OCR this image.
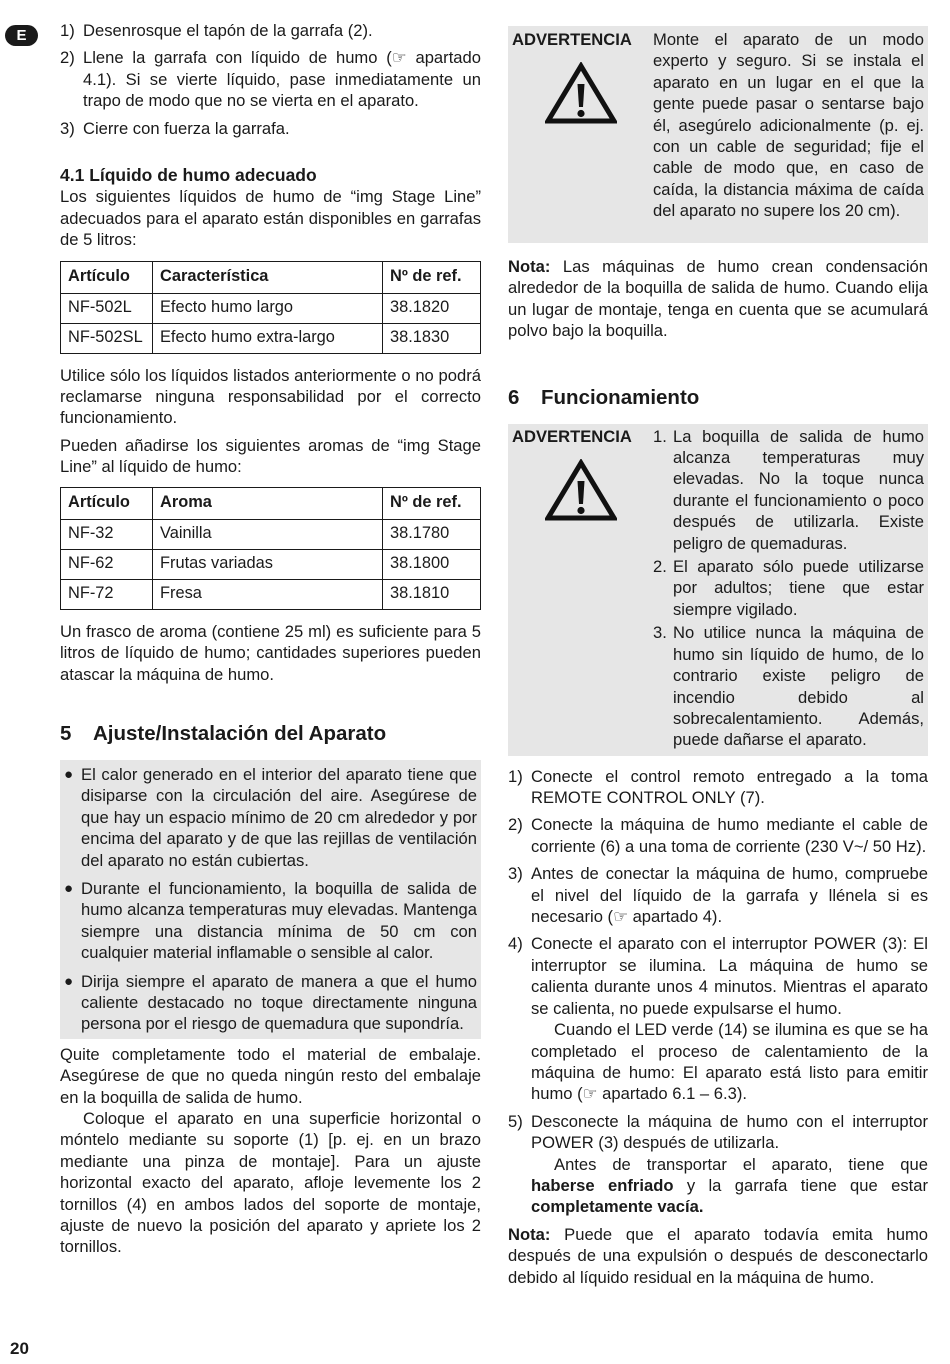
E	1) Desenrosque el tapón de la garrafa (2).
2) Llene la garrafa con líquido de humo (☞ apartado 4.1). Si se vierte líquido, pase inmediatamente un trapo de modo que no se vierta en el aparato.
3) Cierre con fuerza la garrafa.
4.1 Líquido de humo adecuado

Los siguientes líquidos de humo de “img Stage Line” adecuados para el aparato están disponibles en garrafas de 5 litros:

Artículo	Característica	Nº de ref.
NF-502L	Efecto humo largo	38.1820
NF-502SL	Efecto humo extra-largo	38.1830

Utilice sólo los líquidos listados anteriormente o no podrá reclamarse ninguna responsabilidad por el correcto funcionamiento.

Pueden añadirse los siguientes aromas de “img Stage Line” al líquido de humo:

Artículo	Aroma	Nº de ref.
NF-32	Vainilla	38.1780
NF-62	Frutas variadas	38.1800
NF-72	Fresa	38.1810

Un frasco de aroma (contiene 25 ml) es suficiente para 5 litros de líquido de humo; cantidades superiores pueden atascar la máquina de humo.

5	Ajuste/Instalación del Aparato
● El calor generado en el interior del aparato tiene que disiparse con la circulación del aire. Asegúrese de que hay un espacio mínimo de 20 cm alrededor y por encima del aparato y de que las rejillas de ventilación del aparato no están cubiertas.
● Durante el funcionamiento, la boquilla de salida de humo alcanza temperaturas muy elevadas. Mantenga siempre una distancia mínima de 50 cm con cualquier material inflamable o sensible al calor.
● Dirija siempre el aparato de manera a que el humo caliente destacado no toque directamente ninguna persona por el riesgo de quemadura que supondría.

Quite completamente todo el material de embalaje. Asegúrese de que no queda ningún resto del embalaje en la boquilla de salida de humo.

Coloque el aparato en una superficie horizontal o móntelo mediante su soporte (1) [p. ej. en un brazo mediante una pinza de montaje]. Para un ajuste horizontal exacto del aparato, afloje levemente los 2 tornillos (4) en ambos lados del soporte de montaje, ajuste de nuevo la posición del aparato y apriete los 2 tornillos.

ADVERTENCIA	Monte el aparato de un modo experto y seguro. Si se instala el aparato en un lugar en el que la gente puede pasar o sentarse bajo él, asegúrelo adicionalmente (p. ej. con un cable de seguridad; fije el cable de modo que, en caso de caída, la distancia máxima de caída del aparato no supere los 20 cm).

Nota: Las máquinas de humo crean condensación alrededor de la boquilla de salida de humo. Cuando elija un lugar de montaje, tenga en cuenta que se acumulará polvo bajo la boquilla.

6	Funcionamiento
ADVERTENCIA	1. La boquilla de salida de humo alcanza temperaturas muy elevadas. No la toque nunca durante el funcionamiento o poco después de utilizarla. Existe peligro de quemaduras.
2. El aparato sólo puede utilizarse por adultos; tiene que estar siempre vigilado.
3. No utilice nunca la máquina de humo sin líquido de humo, de lo contrario existe peligro de incendio debido al sobrecalentamiento. Además, puede dañarse el aparato.
1) Conecte el control remoto entregado a la toma REMOTE CONTROL ONLY (7).
2) Conecte la máquina de humo mediante el cable de corriente (6) a una toma de corriente (230 V~/ 50 Hz).
3) Antes de conectar la máquina de humo, compruebe el nivel del líquido de la garrafa y llénela si es necesario (☞ apartado 4).
4) Conecte el aparato con el interruptor POWER (3): El interruptor se ilumina. La máquina de humo se calienta durante unos 4 minutos. Mientras el aparato se calienta, no puede expulsarse el humo.
Cuando el LED verde (14) se ilumina es que se ha completado el proceso de calentamiento de la máquina de humo: El aparato está listo para emitir humo (☞ apartado 6.1 – 6.3).
5) Desconecte la máquina de humo con el interruptor POWER (3) después de utilizarla.
Antes de transportar el aparato, tiene que haberse enfriado y la garrafa tiene que estar completamente vacía.

Nota: Puede que el aparato todavía emita humo después de una expulsión o después de desconectarlo debido al líquido residual en la máquina de humo.

20
